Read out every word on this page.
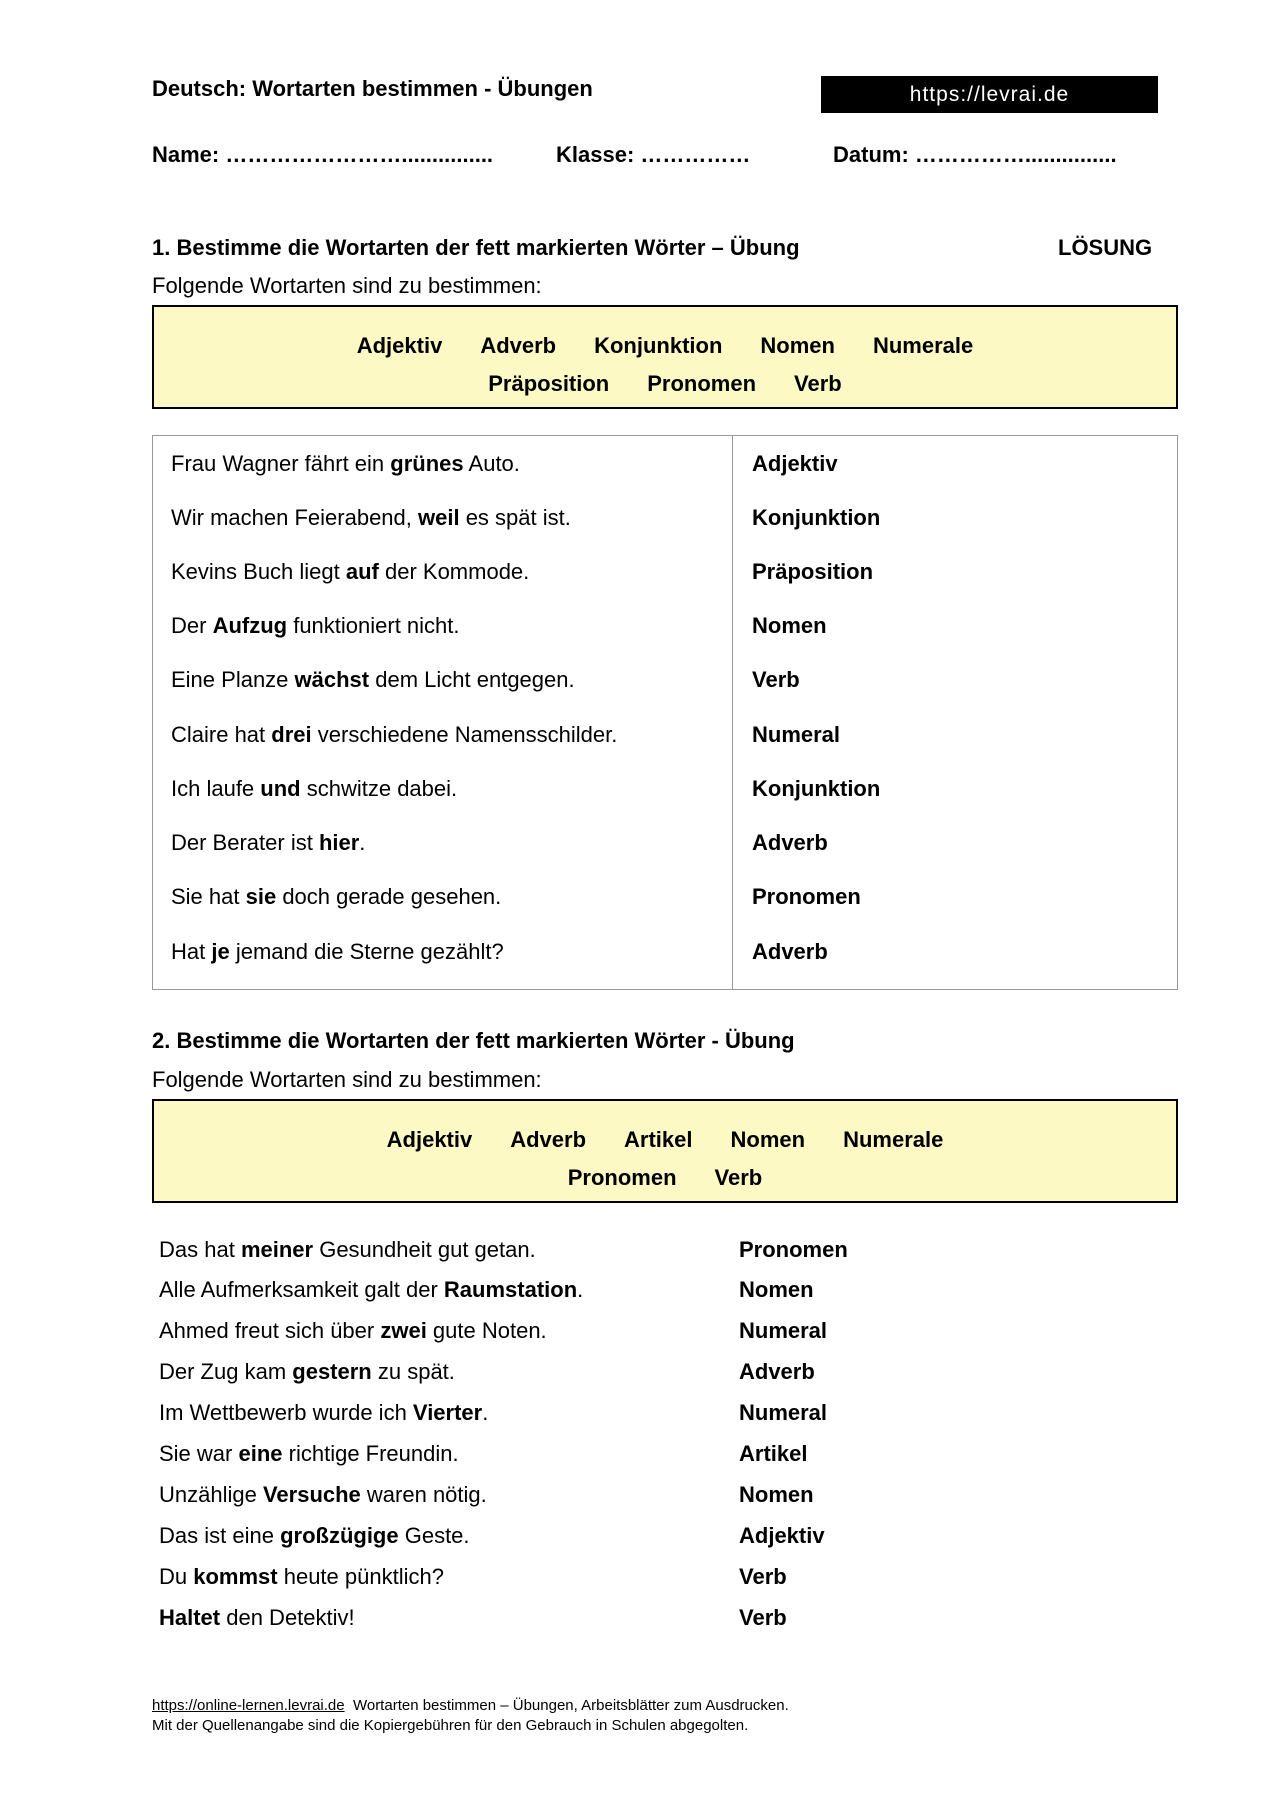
Deutsch: Wortarten bestimmen - Übungen	https://levrai.de
Name: ……………………...............	Klasse: ……………	Datum: ……………...............
1. Bestimme die Wortarten der fett markierten Wörter – Übung	LÖSUNG
Folgende Wortarten sind zu bestimmen:
Adjektiv Adverb Konjunktion Nomen Numerale
Präposition Pronomen Verb
Frau Wagner fährt ein grünes Auto.	Adjektiv
Wir machen Feierabend, weil es spät ist.	Konjunktion
Kevins Buch liegt auf der Kommode.	Präposition
Der Aufzug funktioniert nicht.	Nomen
Eine Planze wächst dem Licht entgegen.	Verb
Claire hat drei verschiedene Namensschilder.	Numeral
Ich laufe und schwitze dabei.	Konjunktion
Der Berater ist hier.	Adverb
Sie hat sie doch gerade gesehen.	Pronomen
Hat je jemand die Sterne gezählt?	Adverb
2. Bestimme die Wortarten der fett markierten Wörter - Übung
Folgende Wortarten sind zu bestimmen:
Adjektiv Adverb Artikel Nomen Numerale
Pronomen Verb
Das hat meiner Gesundheit gut getan.	Pronomen
Alle Aufmerksamkeit galt der Raumstation.	Nomen
Ahmed freut sich über zwei gute Noten.	Numeral
Der Zug kam gestern zu spät.	Adverb
Im Wettbewerb wurde ich Vierter.	Numeral
Sie war eine richtige Freundin.	Artikel
Unzählige Versuche waren nötig.	Nomen
Das ist eine großzügige Geste.	Adjektiv
Du kommst heute pünktlich?	Verb
Haltet den Detektiv!	Verb
https://online-lernen.levrai.de  Wortarten bestimmen – Übungen, Arbeitsblätter zum Ausdrucken.
Mit der Quellenangabe sind die Kopiergebühren für den Gebrauch in Schulen abgegolten.
